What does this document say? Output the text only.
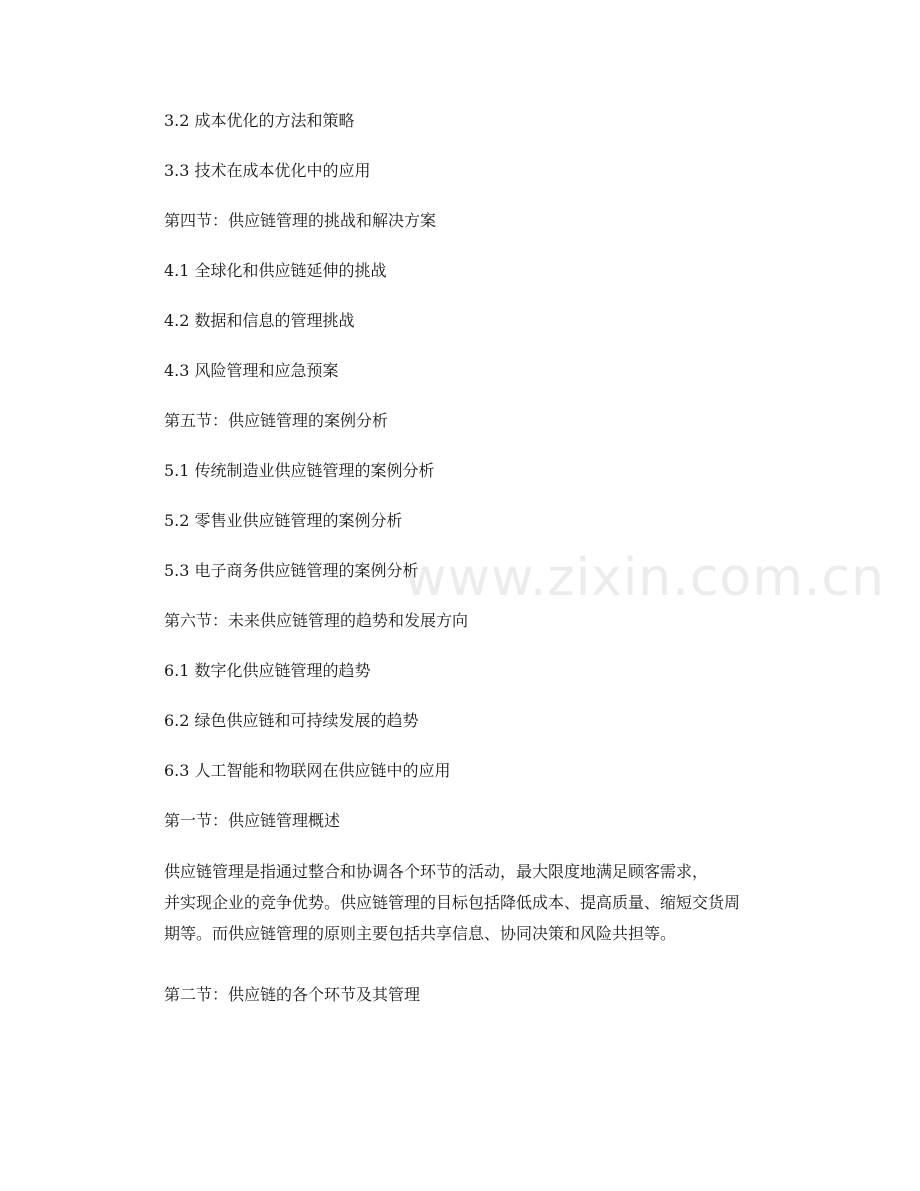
www.zixin.com.cn
3.2 成本优化的方法和策略
3.3 技术在成本优化中的应用
第四节：供应链管理的挑战和解决方案
4.1 全球化和供应链延伸的挑战
4.2 数据和信息的管理挑战
4.3 风险管理和应急预案
第五节：供应链管理的案例分析
5.1 传统制造业供应链管理的案例分析
5.2 零售业供应链管理的案例分析
5.3 电子商务供应链管理的案例分析
第六节：未来供应链管理的趋势和发展方向
6.1 数字化供应链管理的趋势
6.2 绿色供应链和可持续发展的趋势
6.3 人工智能和物联网在供应链中的应用
第一节：供应链管理概述
供应链管理是指通过整合和协调各个环节的活动，最大限度地满足顾客需求，
并实现企业的竞争优势。供应链管理的目标包括降低成本、提高质量、缩短交货周
期等。而供应链管理的原则主要包括共享信息、协同决策和风险共担等。
第二节：供应链的各个环节及其管理
